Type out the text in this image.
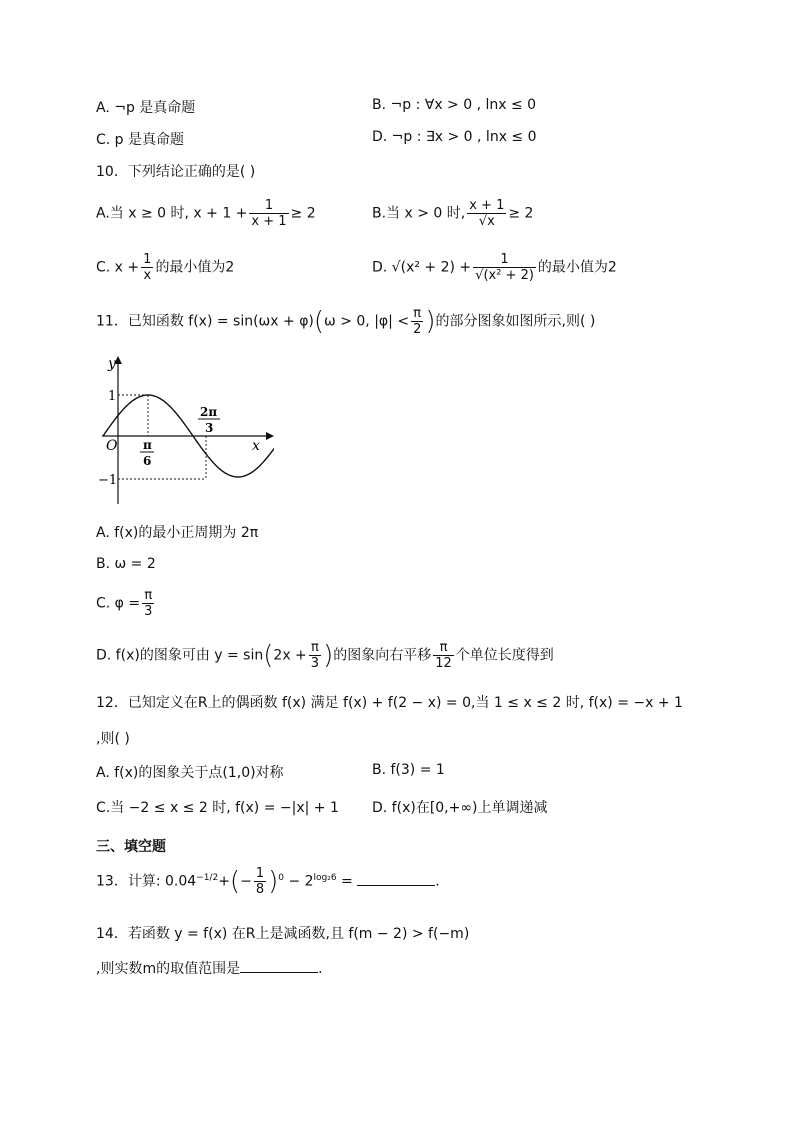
A. ¬p 是真命题	B. ¬p : ∀x > 0 , lnx ≤ 0
C. p 是真命题	D. ¬p : ∃x > 0 , lnx ≤ 0
10．下列结论正确的是( )
A.当 x ≥ 0 时, $x + 1 + \frac{1}{x + 1} \ge 2$	B.当 x > 0 时, $\frac{x + 1}{√x} \ge 2$
C. $x + \frac{1}{x}$ 的最小值为2	D. $√(x^2 + 2) + \frac{1}{\text{√(x² + 2)}}$ 的最小值为2
11．已知函数 f(x) = sin(ωx + φ)(ω > 0, $|\varphi| < \frac{\pi}{2}$ )的部分图象如图所示,则( )
y
x
O
1
−1
π
6
2π
3
A. f(x)的最小正周期为 2π
B. ω = 2
C. $\varphi = \frac{\pi}{3}$
D. f(x)的图象可由 $y = \sin(2x + \frac{\pi}{3}$ )的图象向右平移 $\frac{\pi}{12}$ 个单位长度得到
12．已知定义在R上的偶函数 f(x) 满足 f(x) + f(2 − x) = 0,当 1 ≤ x ≤ 2 时, f(x) = −x + 1
,则( )
A. f(x)的图象关于点(1,0)对称	B. f(3) = 1
C.当 −2 ≤ x ≤ 2 时, f(x) = −|x| + 1 D. f(x)在[0,+∞)上单调递减
三、填空题
13．计算: $0.04^{-1/2}+(- \frac{1}{8} )^0 - 2^{log_26}$ =	.
14．若函数 y = f(x) 在R上是减函数,且 f(m − 2) > f(−m)
,则实数m的取值范围是	.
